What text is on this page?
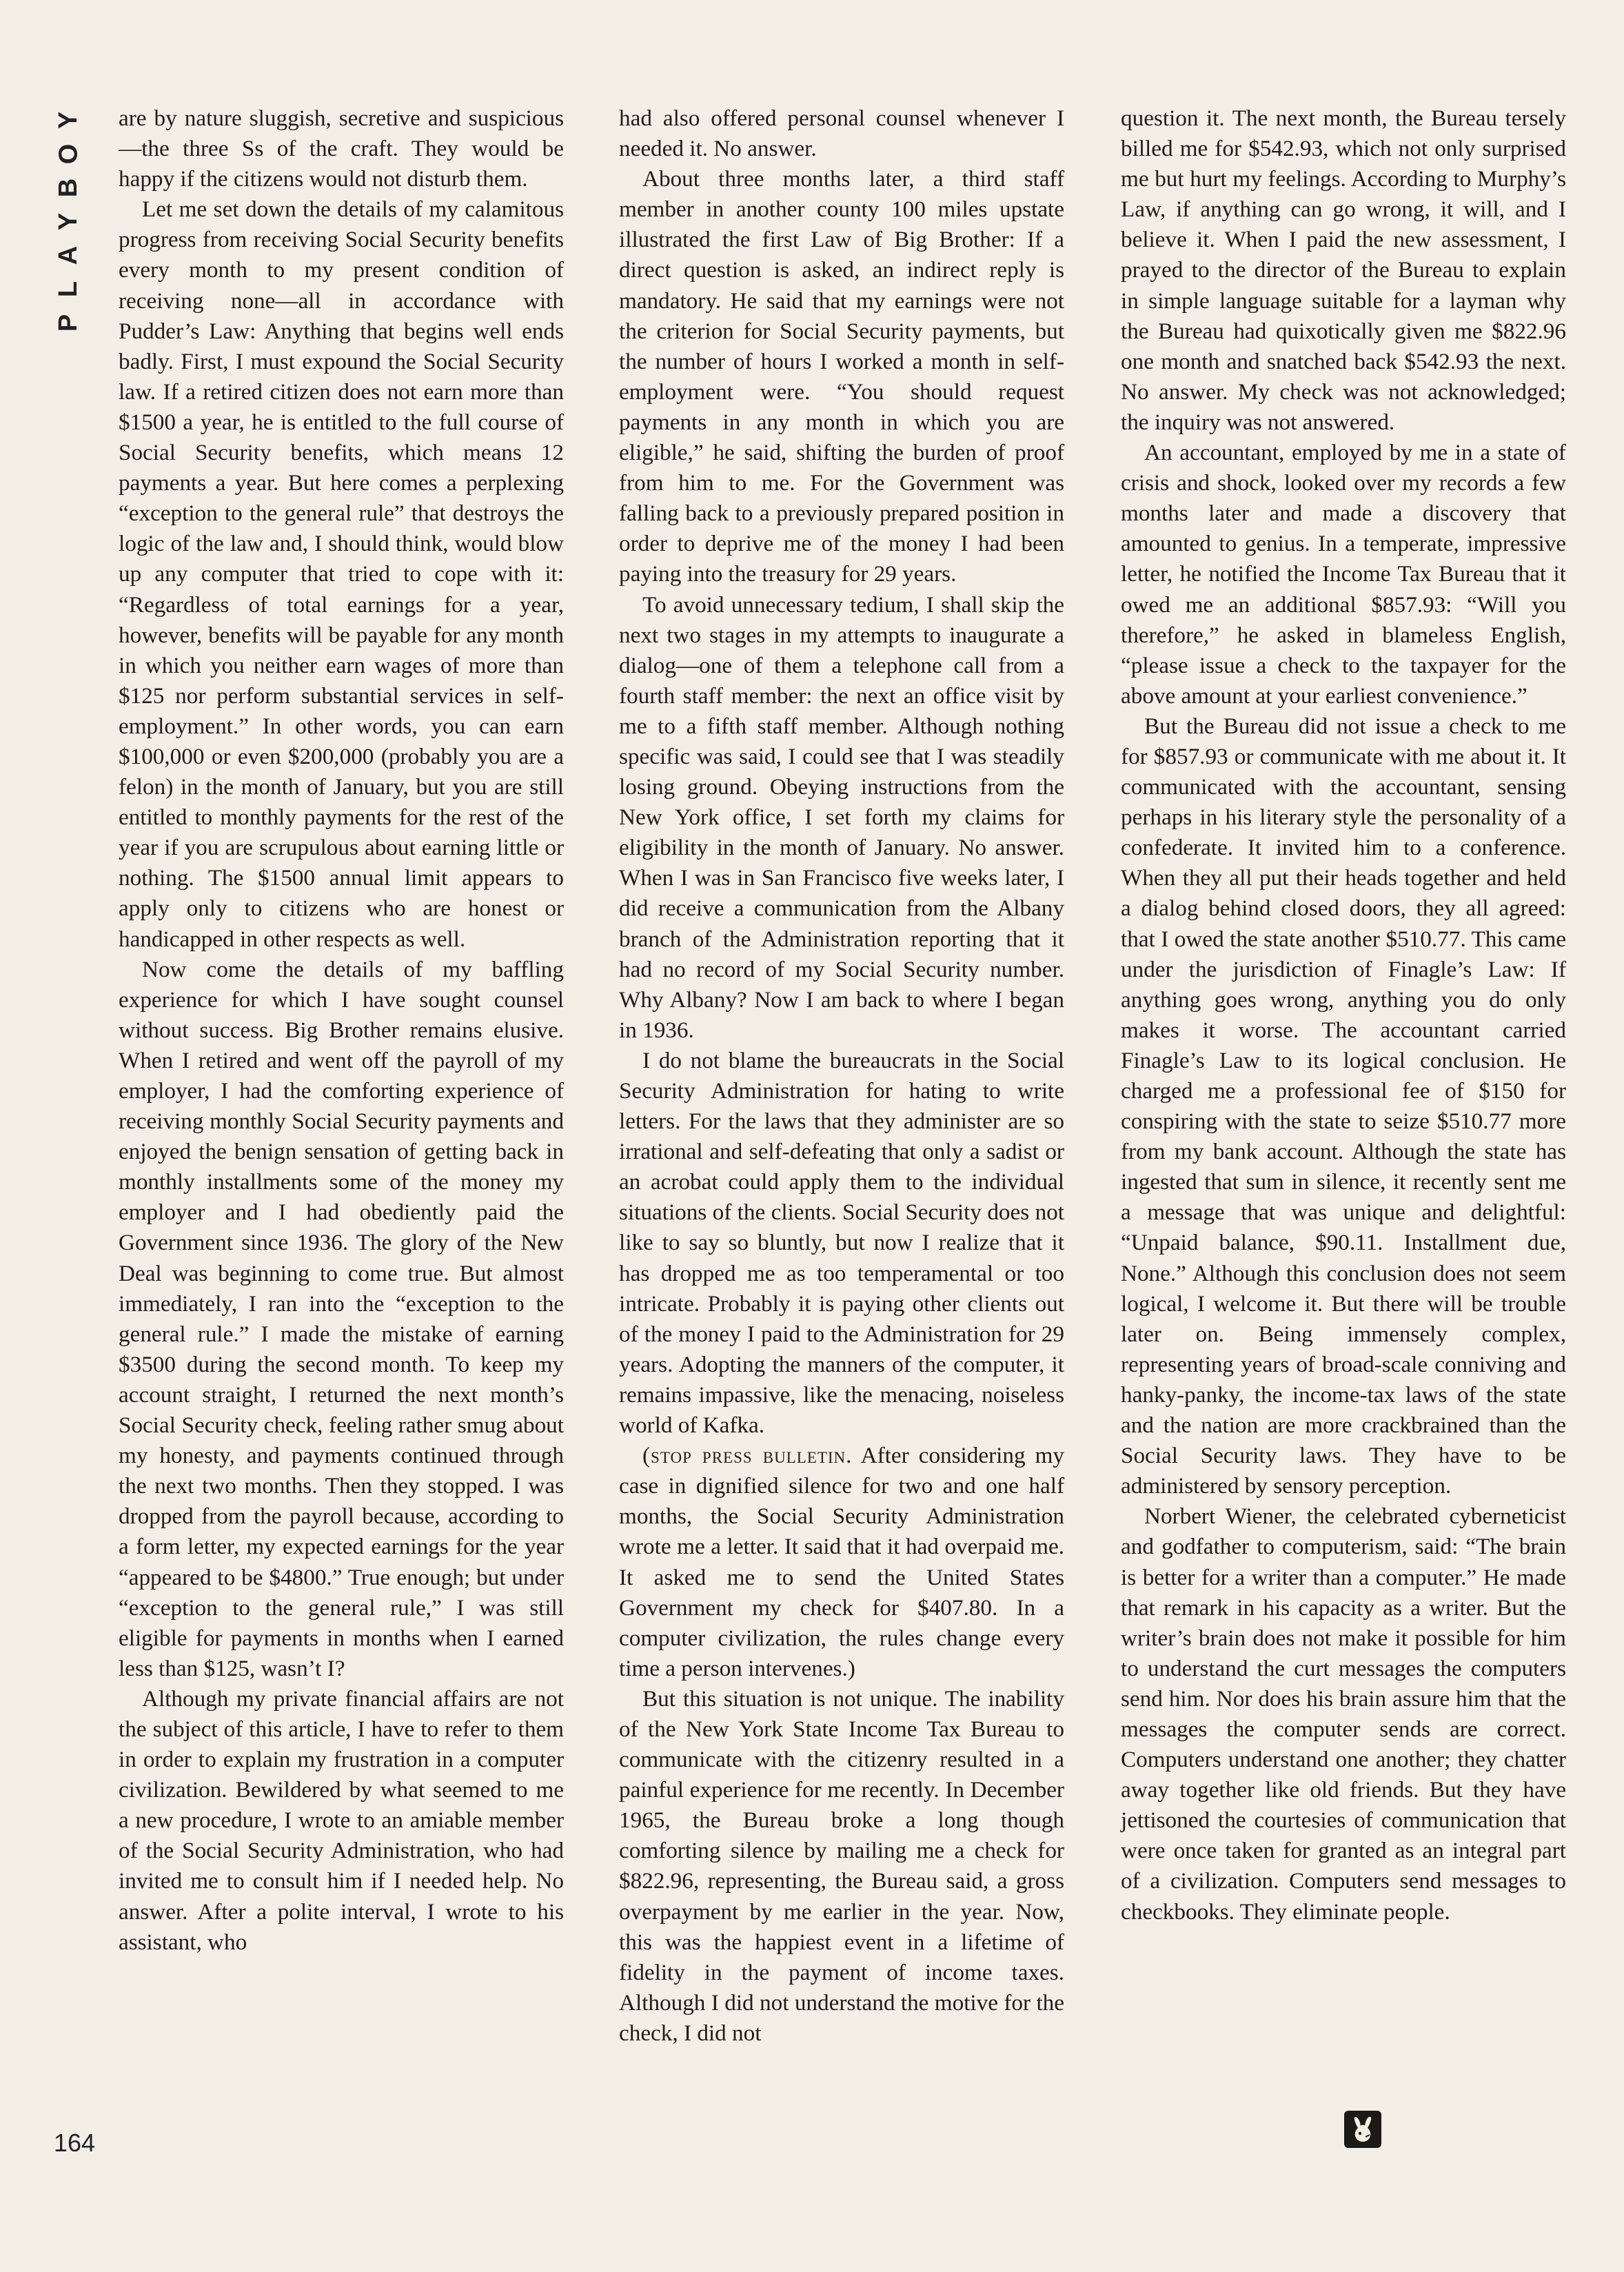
Y
O
B
Y
A
L
P
164

are by nature sluggish, secretive and suspicious—the three Ss of the craft. They would be happy if the citizens would not disturb them.

Let me set down the details of my calamitous progress from receiving Social Security benefits every month to my present condition of receiving none—all in accordance with Pudder’s Law: Anything that begins well ends badly. First, I must expound the Social Security law. If a retired citizen does not earn more than $1500 a year, he is entitled to the full course of Social Security benefits, which means 12 payments a year. But here comes a perplexing “exception to the general rule” that destroys the logic of the law and, I should think, would blow up any computer that tried to cope with it: “Regardless of total earnings for a year, however, benefits will be payable for any month in which you neither earn wages of more than $125 nor perform substantial services in self-employment.” In other words, you can earn $100,000 or even $200,000 (probably you are a felon) in the month of January, but you are still entitled to monthly payments for the rest of the year if you are scrupulous about earning little or nothing. The $1500 annual limit appears to apply only to citizens who are honest or handicapped in other respects as well.

Now come the details of my baffling experience for which I have sought counsel without success. Big Brother remains elusive. When I retired and went off the payroll of my employer, I had the comforting experience of receiving monthly Social Security payments and enjoyed the benign sensation of getting back in monthly installments some of the money my employer and I had obediently paid the Government since 1936. The glory of the New Deal was beginning to come true. But almost immediately, I ran into the “exception to the general rule.” I made the mistake of earning $3500 during the second month. To keep my account straight, I returned the next month’s Social Security check, feeling rather smug about my honesty, and payments continued through the next two months. Then they stopped. I was dropped from the payroll because, according to a form letter, my expected earnings for the year “appeared to be $4800.” True enough; but under “exception to the general rule,” I was still eligible for payments in months when I earned less than $125, wasn’t I?

Although my private financial affairs are not the subject of this article, I have to refer to them in order to explain my frustration in a computer civilization. Bewildered by what seemed to me a new procedure, I wrote to an amiable member of the Social Security Administration, who had invited me to consult him if I needed help. No answer. After a polite interval, I wrote to his assistant, who

had also offered personal counsel whenever I needed it. No answer.

About three months later, a third staff member in another county 100 miles upstate illustrated the first Law of Big Brother: If a direct question is asked, an indirect reply is mandatory. He said that my earnings were not the criterion for Social Security payments, but the number of hours I worked a month in self-employment were. “You should request payments in any month in which you are eligible,” he said, shifting the burden of proof from him to me. For the Government was falling back to a previously prepared position in order to deprive me of the money I had been paying into the treasury for 29 years.

To avoid unnecessary tedium, I shall skip the next two stages in my attempts to inaugurate a dialog—one of them a telephone call from a fourth staff member: the next an office visit by me to a fifth staff member. Although nothing specific was said, I could see that I was steadily losing ground. Obeying instructions from the New York office, I set forth my claims for eligibility in the month of January. No answer. When I was in San Francisco five weeks later, I did receive a communication from the Albany branch of the Administration reporting that it had no record of my Social Security number. Why Albany? Now I am back to where I began in 1936.

I do not blame the bureaucrats in the Social Security Administration for hating to write letters. For the laws that they administer are so irrational and self-defeating that only a sadist or an acrobat could apply them to the individual situations of the clients. Social Security does not like to say so bluntly, but now I realize that it has dropped me as too temperamental or too intricate. Probably it is paying other clients out of the money I paid to the Administration for 29 years. Adopting the manners of the computer, it remains impassive, like the menacing, noiseless world of Kafka.

(stop press bulletin. After considering my case in dignified silence for two and one half months, the Social Security Administration wrote me a letter. It said that it had overpaid me. It asked me to send the United States Government my check for $407.80. In a computer civilization, the rules change every time a person intervenes.)

But this situation is not unique. The inability of the New York State Income Tax Bureau to communicate with the citizenry resulted in a painful experience for me recently. In December 1965, the Bureau broke a long though comforting silence by mailing me a check for $822.96, representing, the Bureau said, a gross overpayment by me earlier in the year. Now, this was the happiest event in a lifetime of fidelity in the payment of income taxes. Although I did not understand the motive for the check, I did not

question it. The next month, the Bureau tersely billed me for $542.93, which not only surprised me but hurt my feelings. According to Murphy’s Law, if anything can go wrong, it will, and I believe it. When I paid the new assessment, I prayed to the director of the Bureau to explain in simple language suitable for a layman why the Bureau had quixotically given me $822.96 one month and snatched back $542.93 the next. No answer. My check was not acknowledged; the inquiry was not answered.

An accountant, employed by me in a state of crisis and shock, looked over my records a few months later and made a discovery that amounted to genius. In a temperate, impressive letter, he notified the Income Tax Bureau that it owed me an additional $857.93: “Will you therefore,” he asked in blameless English, “please issue a check to the taxpayer for the above amount at your earliest convenience.”

But the Bureau did not issue a check to me for $857.93 or communicate with me about it. It communicated with the accountant, sensing perhaps in his literary style the personality of a confederate. It invited him to a conference. When they all put their heads together and held a dialog behind closed doors, they all agreed: that I owed the state another $510.77. This came under the jurisdiction of Finagle’s Law: If anything goes wrong, anything you do only makes it worse. The accountant carried Finagle’s Law to its logical conclusion. He charged me a professional fee of $150 for conspiring with the state to seize $510.77 more from my bank account. Although the state has ingested that sum in silence, it recently sent me a message that was unique and delightful: “Unpaid balance, $90.11. Installment due, None.” Although this conclusion does not seem logical, I welcome it. But there will be trouble later on. Being immensely complex, representing years of broad-scale conniving and hanky-panky, the income-tax laws of the state and the nation are more crackbrained than the Social Security laws. They have to be administered by sensory perception.

Norbert Wiener, the celebrated cyberneticist and godfather to computerism, said: “The brain is better for a writer than a computer.” He made that remark in his capacity as a writer. But the writer’s brain does not make it possible for him to understand the curt messages the computers send him. Nor does his brain assure him that the messages the computer sends are correct. Computers understand one another; they chatter away together like old friends. But they have jettisoned the courtesies of communication that were once taken for granted as an integral part of a civilization. Computers send messages to checkbooks. They eliminate people.
